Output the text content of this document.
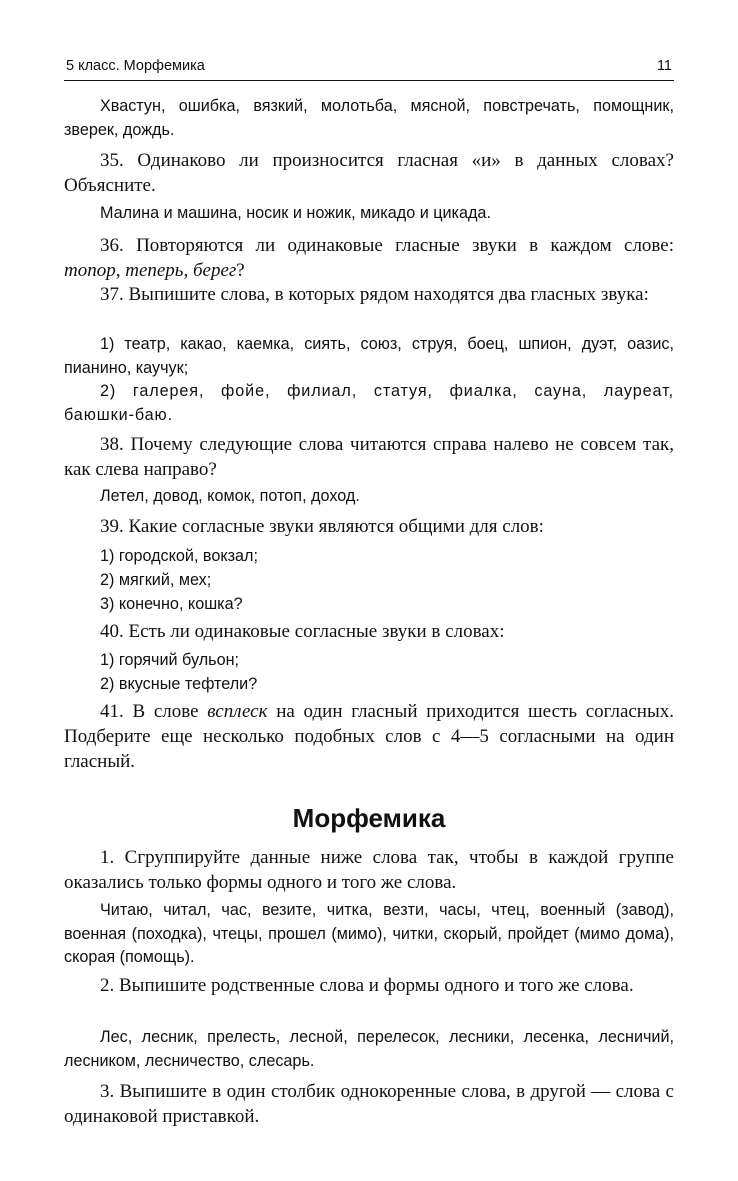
5 класс. Морфемика	11
Хвастун, ошибка, вязкий, молотьба, мясной, повстречать, помощник, зверек, дождь.
35. Одинаково ли произносится гласная «и» в данных словах? Объясните.
Малина и машина, носик и ножик, микадо и цикада.
36. Повторяются ли одинаковые гласные звуки в каждом слове: топор, теперь, берег?
37. Выпишите слова, в которых рядом находятся два гласных звука:
1) театр, какао, каемка, сиять, союз, струя, боец, шпион, дуэт, оазис, пианино, каучук;
2) галерея, фойе, филиал, статуя, фиалка, сауна, лауреат, баюшки-баю.
38. Почему следующие слова читаются справа налево не совсем так, как слева направо?
Летел, довод, комок, потоп, доход.
39. Какие согласные звуки являются общими для слов:
1) городской, вокзал;
2) мягкий, мех;
3) конечно, кошка?
40. Есть ли одинаковые согласные звуки в словах:
1) горячий бульон;
2) вкусные тефтели?
41. В слове всплеск на один гласный приходится шесть согласных. Подберите еще несколько подобных слов с 4—5 согласными на один гласный.
Морфемика
1. Сгруппируйте данные ниже слова так, чтобы в каждой группе оказались только формы одного и того же слова.
Читаю, читал, час, везите, читка, везти, часы, чтец, военный (завод), военная (походка), чтецы, прошел (мимо), читки, скорый, пройдет (мимо дома), скорая (помощь).
2. Выпишите родственные слова и формы одного и того же слова.
Лес, лесник, прелесть, лесной, перелесок, лесники, лесенка, лесничий, лесником, лесничество, слесарь.
3. Выпишите в один столбик однокоренные слова, в другой — слова с одинаковой приставкой.
